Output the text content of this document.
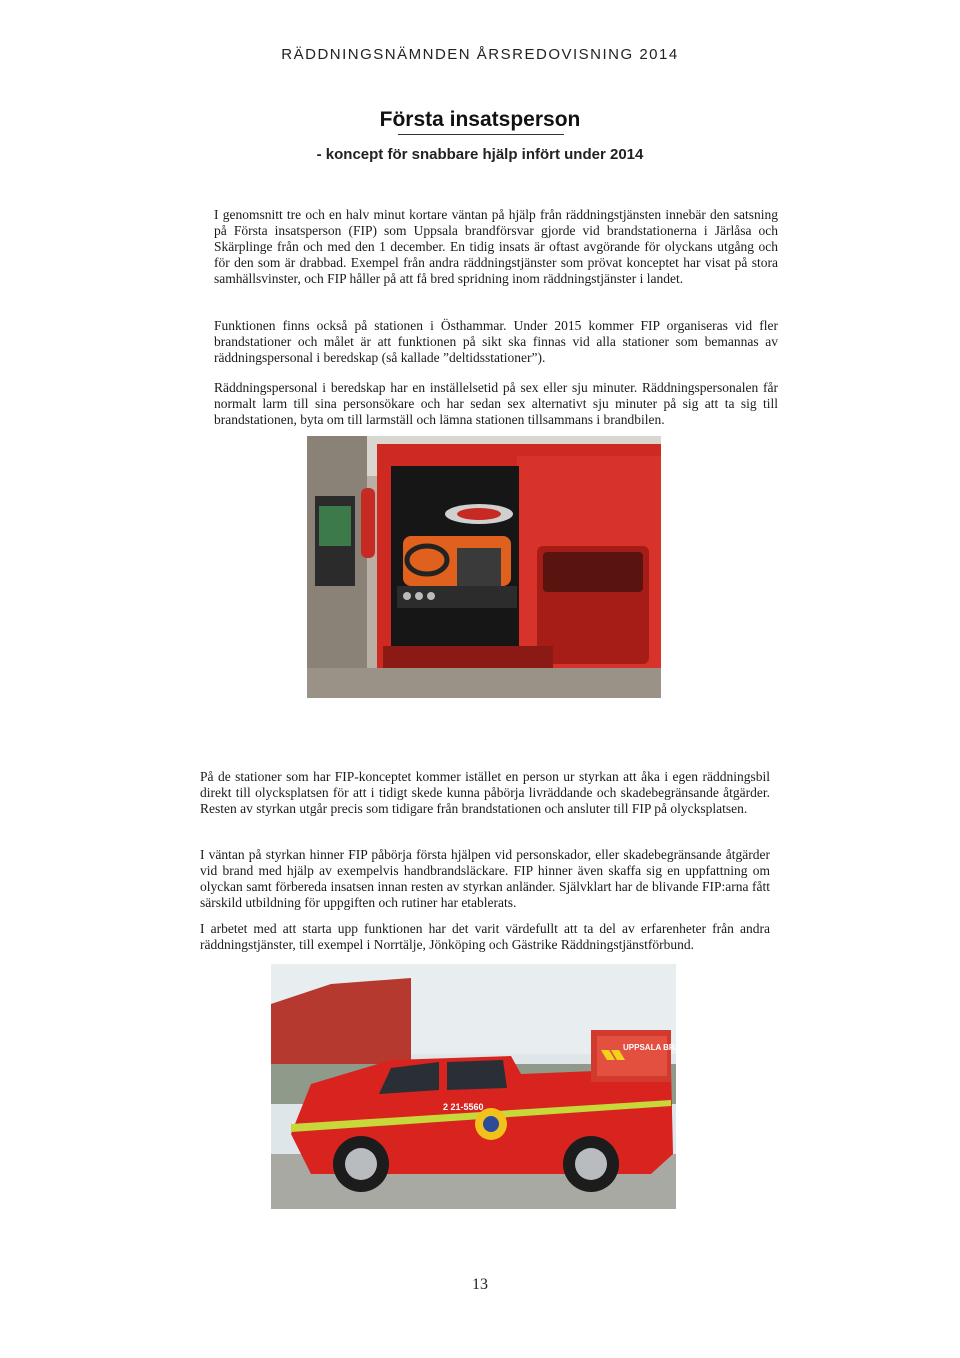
RÄDDNINGSNÄMNDEN ÅRSREDOVISNING 2014
Första insatsperson
- koncept för snabbare hjälp infört under 2014

I genomsnitt tre och en halv minut kortare väntan på hjälp från räddningstjänsten innebär den satsning på Första insatsperson (FIP) som Uppsala brandförsvar gjorde vid brandstationerna i Järlåsa och Skärplinge från och med den 1 december. En tidig insats är oftast avgörande för olyckans utgång och för den som är drabbad. Exempel från andra räddningstjänster som prövat konceptet har visat på stora samhällsvinster, och FIP håller på att få bred spridning inom räddningstjänster i landet.

Funktionen finns också på stationen i Östhammar. Under 2015 kommer FIP organiseras vid fler brandstationer och målet är att funktionen på sikt ska finnas vid alla stationer som bemannas av räddningspersonal i beredskap (så kallade ”deltidsstationer”).

Räddningspersonal i beredskap har en inställelsetid på sex eller sju minuter. Räddningspersonalen får normalt larm till sina personsökare och har sedan sex alternativt sju minuter på sig att ta sig till brandstationen, byta om till larmställ och lämna stationen tillsammans i brandbilen.

På de stationer som har FIP-konceptet kommer istället en person ur styrkan att åka i egen räddningsbil direkt till olycksplatsen för att i tidigt skede kunna påbörja livräddande och skadebegränsande åtgärder. Resten av styrkan utgår precis som tidigare från brandstationen och ansluter till FIP på olycksplatsen.

I väntan på styrkan hinner FIP påbörja första hjälpen vid personskador, eller skadebegränsande åtgärder vid brand med hjälp av exempelvis handbrandsläckare. FIP hinner även skaffa sig en uppfattning om olyckan samt förbereda insatsen innan resten av styrkan anländer. Självklart har de blivande FIP:arna fått särskild utbildning för uppgiften och rutiner har etablerats.

I arbetet med att starta upp funktionen har det varit värdefullt att ta del av erfarenheter från andra räddningstjänster, till exempel i Norrtälje, Jönköping och Gästrike Räddningstjänstförbund.

UPPSALA BRANDFÖRSVAR
2 21-5560
13
